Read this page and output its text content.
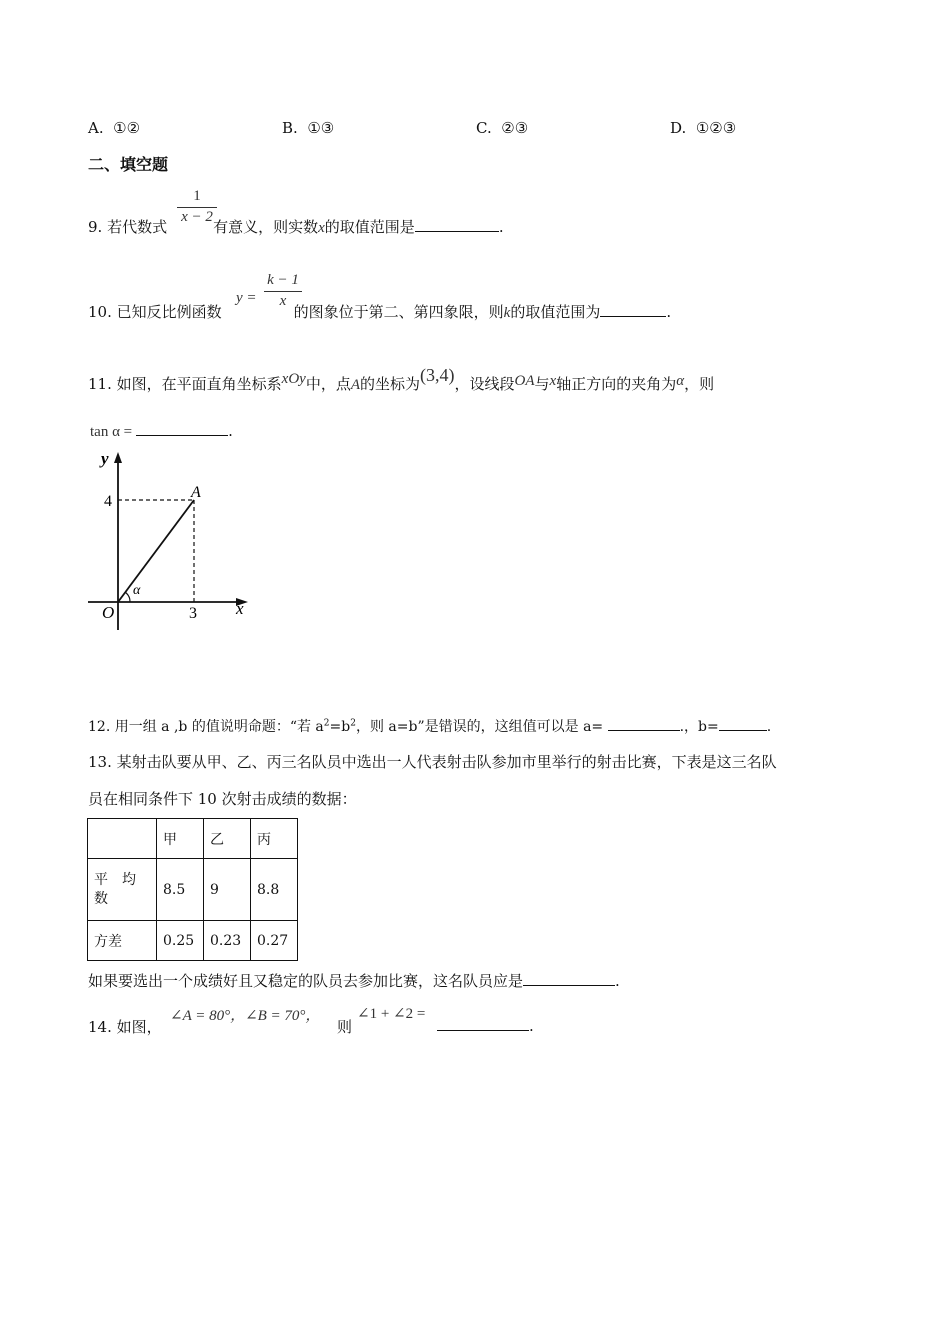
A. ①②	B. ①③	C. ②③	D. ①②③
二、填空题
9. 若代数式	有意义，则实数x的取值范围是	.
1
x − 2
10. 已知反比例函数	的图象位于第二、第四象限，则k的取值范围为	.
y =
k − 1
x
11. 如图，在平面直角坐标系xOy中，点A的坐标为(3,4)，设线段OA与x轴正方向的夹角为α，则
tan α =	.
y
x
O
A
4
3
α
12. 用一组 a ,b 的值说明命题：“若 $a^2=b^2$，则 a=b”是错误的，这组值可以是 a=	.，b=	.
13. 某射击队要从甲、乙、丙三名队员中选出一人代表射击队参加市里举行的射击比赛，下表是这三名队
员在相同条件下 10 次射击成绩的数据：
	甲	乙	丙
平　均
数	8.5	9	8.8
方差	0.25	0.23	0.27
如果要选出一个成绩好且又稳定的队员去参加比赛，这名队员应是	.
14. 如图，
∠A = 80°，∠B = 70°，
则
∠1 + ∠2 =
.
